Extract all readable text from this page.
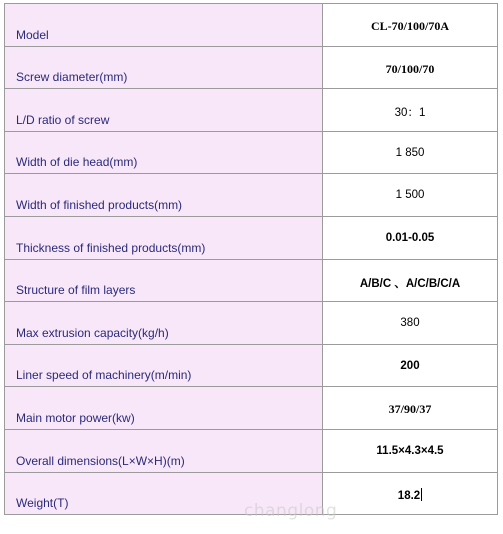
Model	CL-70/100/70A
Screw diameter(mm)	70/100/70
L/D ratio of screw	30：1
Width of die head(mm)	1 850
Width of finished products(mm)	1 500
Thickness of finished products(mm)	0.01-0.05
Structure of film layers	A/B/C 、A/C/B/C/A
Max extrusion capacity(kg/h)	380
Liner speed of machinery(m/min)	200
Main motor power(kw)	37/90/37
Overall dimensions(L×W×H)(m)	11.5×4.3×4.5
Weight(T)	18.2
changlong
